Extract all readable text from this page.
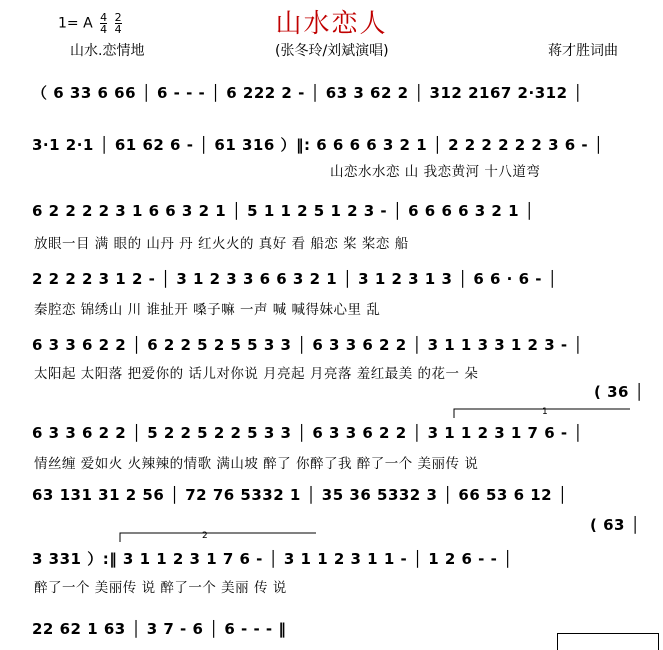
山水恋人
1= A $\frac{4}{4}$
$\frac{2}{4}$
山水.恋情地	(张冬玲/刘斌演唱)	蒋才胜词曲
（ 6 33 6 66 │ 6 - - - │ 6 222 2 - │ 63 3 62 2 │ 312 2167 2·312 │
3·1 2·1 │ 61 62 6 - │ 61 316 ）‖: 6 6 6 6 3 2 1 │ 2 2 2 2 2 2 3 6 - │
山恋水水恋 山 我恋黄河 十八道弯
6 2 2 2 2 3 1 6 6 3 2 1 │ 5 1 1 2 5 1 2 3 - │ 6 6 6 6 3 2 1 │
放眼一目 满 眼的 山丹 丹 红火火的 真好 看 船恋 桨 桨恋 船
2 2 2 2 3 1 2 - │ 3 1 2 3 3 6 6 3 2 1 │ 3 1 2 3 1 3 │ 6 6 · 6 - │
秦腔恋 锦绣山 川 谁扯开 嗓子嘛 一声 喊 喊得妹心里 乱
6 3 3 6 2 2 │ 6 2 2 5 2 5 5 3 3 │ 6 3 3 6 2 2 │ 3 1 1 3 3 1 2 3 - │
太阳起 太阳落 把爱你的 话儿对你说 月亮起 月亮落 羞红最美 的花一 朵
( 36 │
6 3 3 6 2 2 │ 5 2 2 5 2 2 5 3 3 │ 6 3 3 6 2 2 │ 3 1 1 2 3 1 7 6 - │
情丝缠 爱如火 火辣辣的情歌 满山坡 醉了 你醉了我 醉了一个 美丽传 说
63 131 31 2 56 │ 72 76 5332 1 │ 35 36 5332 3 │ 66 53 6 12 │
( 63 │
3 331 ）:‖ 3 1 1 2 3 1 7 6 - │ 3 1 1 2 3 1 1 - │ 1 2 6 - - │
醉了一个 美丽传 说 醉了一个 美丽 传 说
22 62 1 63 │ 3 7 - 6 │ 6 - - - ‖
1
2
